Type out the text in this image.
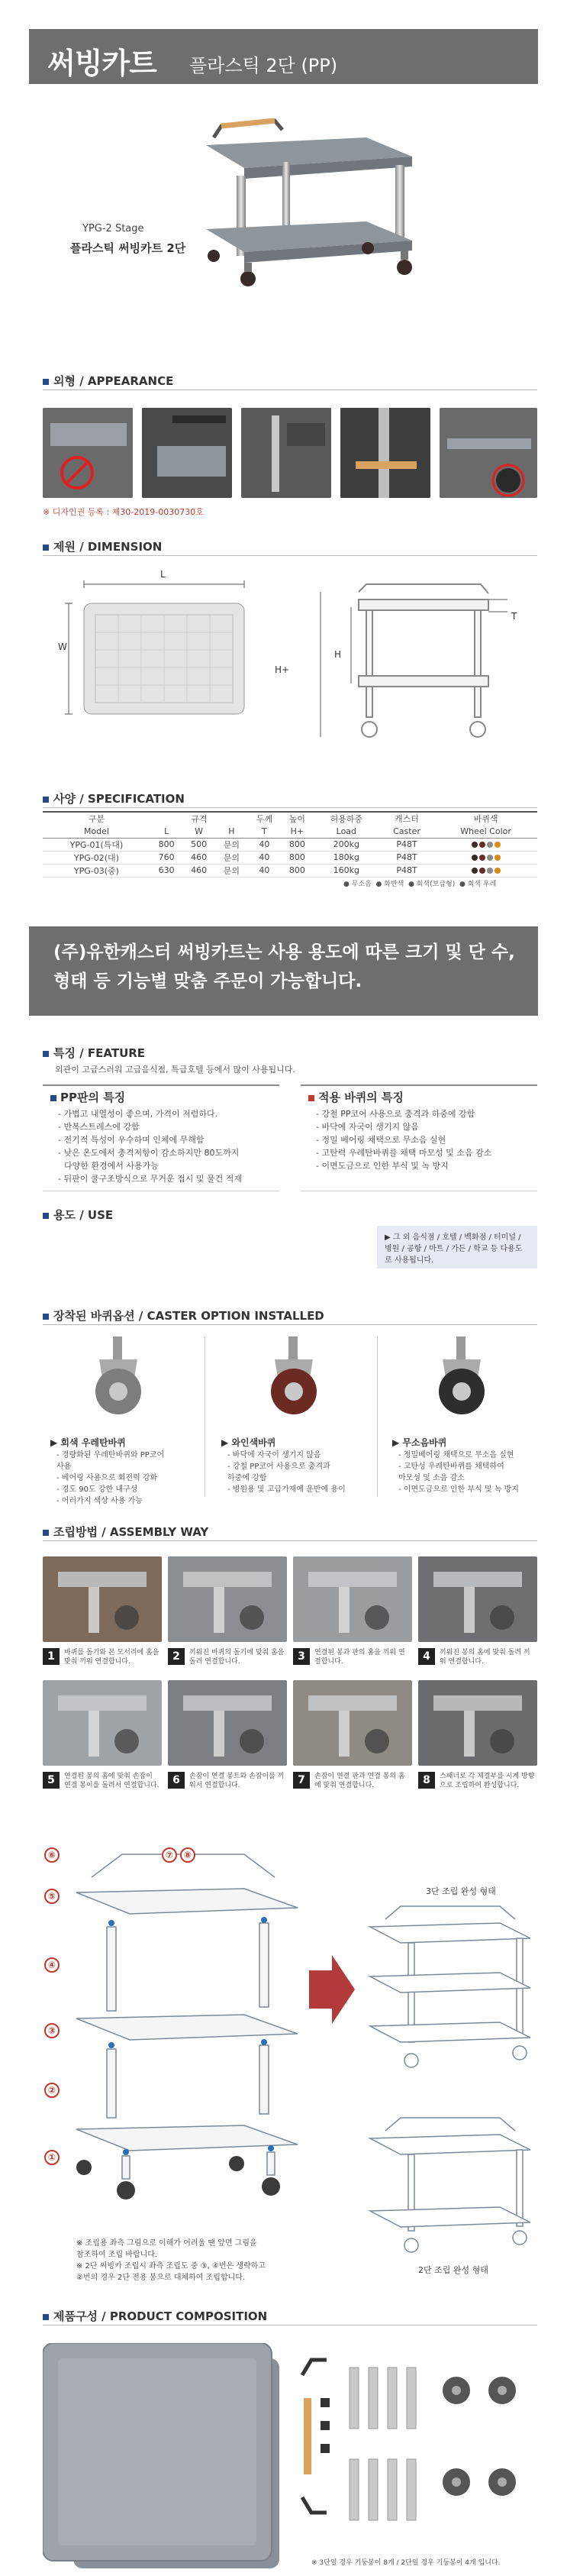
써빙카트 플라스틱 2단 (PP)
YPG-2 Stage
플라스틱 써빙카트 2단
외형 / APPEARANCE
※ 디자인권 등록 : 제30-2019-0030730호
제원 / DIMENSION
L
W
H+
H
T
사양 / SPECIFICATION
구분	규격			두께	높이	허용하중	캐스터	바퀴색
Model	L	W	H	T	H+	Load	Caster	Wheel Color
YPG-01(특대)	800	500	문의	40	800	200kg	P48T	
YPG-02(대)	760	460	문의	40	800	180kg	P48T	
YPG-03(중)	630	460	문의	40	800	160kg	P48T	
● 무소음 ● 화반색 ● 회색(보급형) ● 회색 우레
(주)유한캐스터 써빙카트는 사용 용도에 따른 크기 및 단 수, 형태 등 기능별 맞춤 주문이 가능합니다.
특징 / FEATURE
외관이 고급스러워 고급음식점, 특급호텔 등에서 많이 사용됩니다.
PP판의 특징
- 가볍고 내열성이 좋으며, 가격이 저렴하다.
- 반복스트레스에 강함
- 전기적 특성이 우수하며 인체에 무해함
- 낮은 온도에서 충격저항이 감소하지만 80도까지
다양한 환경에서 사용가능
- 뒤판이 쿨구조방식으로 무거운 접시 및 물건 적재
적용 바퀴의 특징
- 강철 PP코어 사용으로 충격과 하중에 강함
- 바닥에 자국이 생기지 않음
- 정밀 베어링 채택으로 무소음 실현
- 고탄력 우레탄바퀴를 채택 마모성 및 소음 감소
- 이면도금으로 인한 부식 및 녹 방지
용도 / USE
▶ 그 외 음식점 / 호텔 / 백화점 / 터미널 / 병원 / 공항 / 마트 / 가든 / 학교 등 다용도로 사용됩니다.
장착된 바퀴옵션 / CASTER OPTION INSTALLED
▶ 회색 우레탄바퀴
- 경량화된 우레탄바퀴와 PP코어
사용
- 베어링 사용으로 회전력 강화
- 경도 90도 강한 내구성
- 어러가지 색상 사용 가능
▶ 와인색바퀴
- 바닥에 자국이 생기지 않음
- 강철 PP코어 사용으로 충격과
하중에 강함
- 병원용 및 고급가재에 운반에 용이
▶ 무소음바퀴
- 정밀베어링 채택으로 무소음 실현
- 고탄성 우레탄바퀴를 채택하여
마모성 및 소음 감소
- 이면도금으로 인한 부식 및 녹 방지
조립방법 / ASSEMBLY WAY
1	바퀴를 돌기와 본 모서리에 홈을 맞춰 끼워 연결합니다.	2	끼워진 바퀴의 돌기에 맞춰 홈을 돌려 연결합니다.	3	연결된 봉과 판의 홈을 끼워 연결합니다.	4	끼워진 봉의 홈에 맞춰 돌려 끼워 연결합니다.
5	연결된 봉의 홈에 맞춰 손잡이 연결 봉이를 돌려서 연결합니다.	6	손잡이 연결 봉트와 손잡이를 끼워서 연결합니다.	7	손잡이 연결 판과 연결 봉의 홈에 맞춰 연결합니다.	8	스패너로 각 체결부를 시계 방향으로 조립하여 완성합니다.
⑥	⑦	⑧
⑤
④
③
②
①
3단 조립 완성 형태
2단 조립 완성 형태
※ 조립용 좌측 그림으로 이해가 어려울 땐 앞면 그림을
참조하여 조립 바랍니다.
※ 2단 써빙카 조립시 좌측 조립도 중 ③, ④번은 생략하고
②번의 경우 2단 전용 봉으로 대체하여 조립합니다.
제품구성 / PRODUCT COMPOSITION
※ 3단일 경우 기둥봉이 8개 / 2단일 경우 기둥봉이 4개 입니다.
